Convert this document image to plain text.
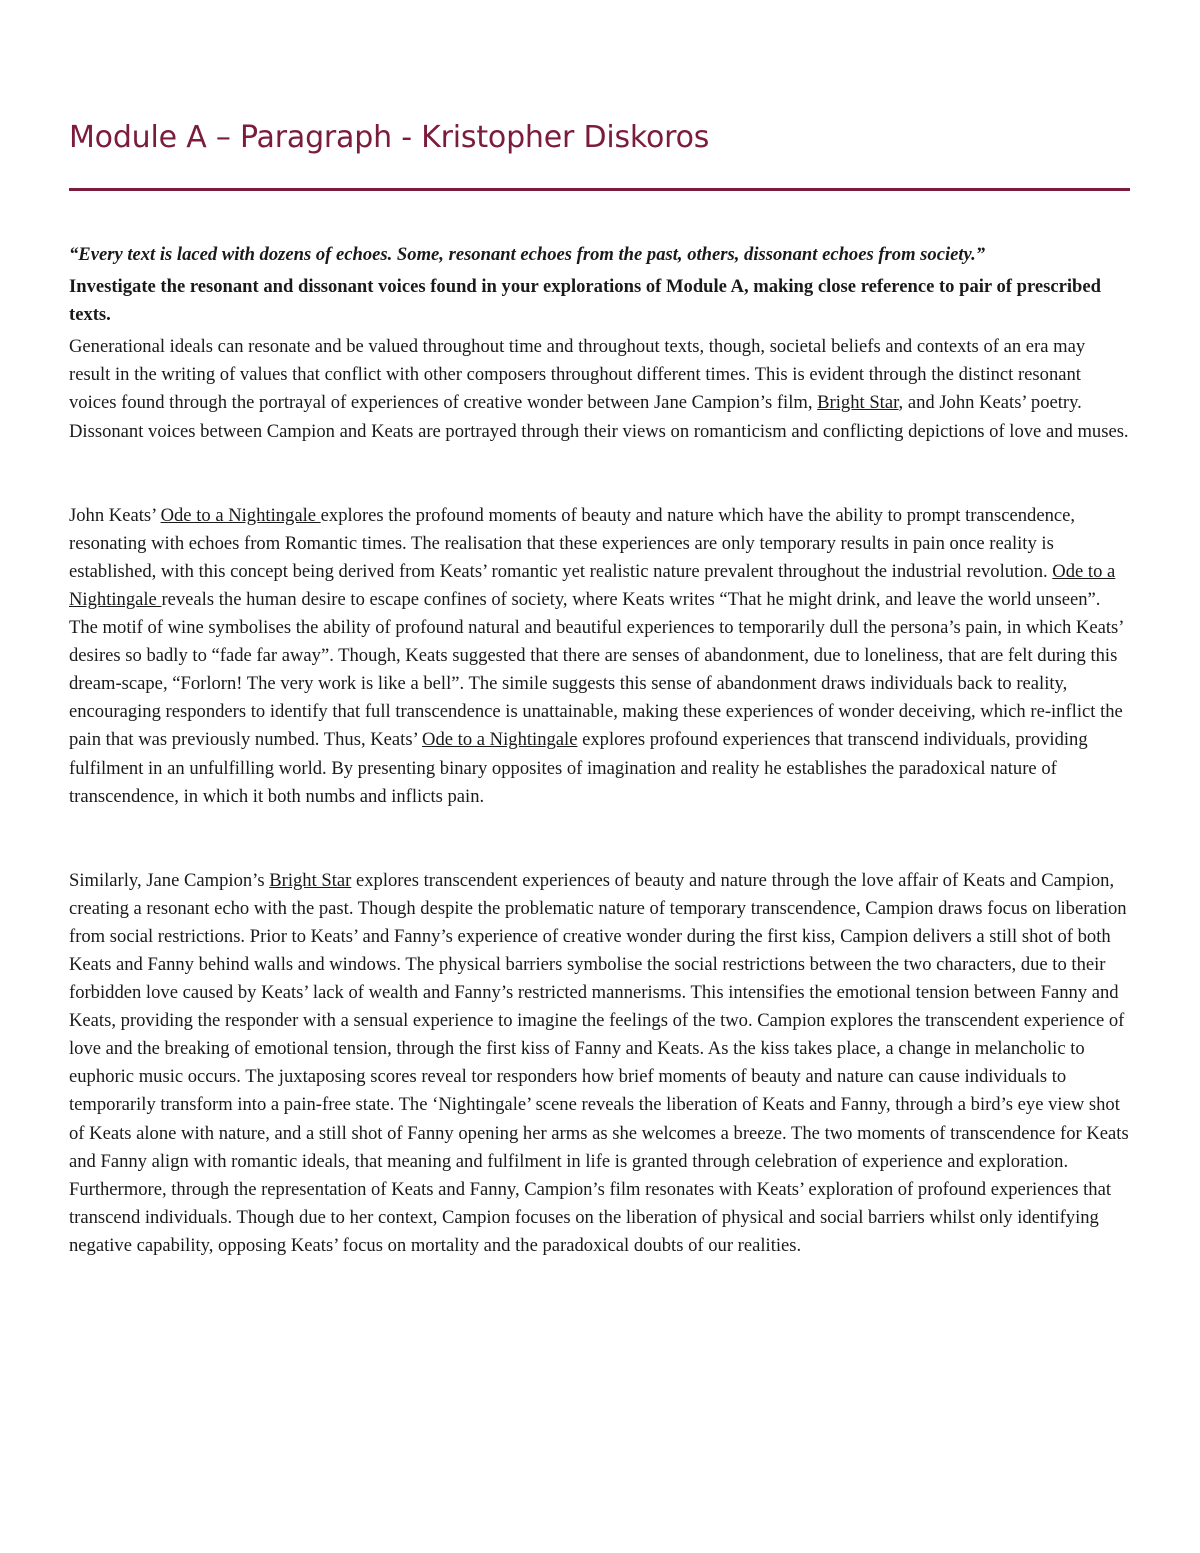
Module A – Paragraph - Kristopher Diskoros

“Every text is laced with dozens of echoes. Some, resonant echoes from the past, others, dissonant echoes from society.”

Investigate the resonant and dissonant voices found in your explorations of Module A, making close reference to pair of prescribed texts.

Generational ideals can resonate and be valued throughout time and throughout texts, though, societal beliefs and contexts of an era may result in the writing of values that conflict with other composers throughout different times. This is evident through the distinct resonant voices found through the portrayal of experiences of creative wonder between Jane Campion’s film, Bright Star, and John Keats’ poetry. Dissonant voices between Campion and Keats are portrayed through their views on romanticism and conflicting depictions of love and muses.

John Keats’ Ode to a Nightingale explores the profound moments of beauty and nature which have the ability to prompt transcendence, resonating with echoes from Romantic times. The realisation that these experiences are only temporary results in pain once reality is established, with this concept being derived from Keats’ romantic yet realistic nature prevalent throughout the industrial revolution. Ode to a Nightingale reveals the human desire to escape confines of society, where Keats writes “That he might drink, and leave the world unseen”. The motif of wine symbolises the ability of profound natural and beautiful experiences to temporarily dull the persona’s pain, in which Keats’ desires so badly to “fade far away”. Though, Keats suggested that there are senses of abandonment, due to loneliness, that are felt during this dream-scape, “Forlorn! The very work is like a bell”. The simile suggests this sense of abandonment draws individuals back to reality, encouraging responders to identify that full transcendence is unattainable, making these experiences of wonder deceiving, which re-inflict the pain that was previously numbed. Thus, Keats’ Ode to a Nightingale explores profound experiences that transcend individuals, providing fulfilment in an unfulfilling world. By presenting binary opposites of imagination and reality he establishes the paradoxical nature of transcendence, in which it both numbs and inflicts pain.

Similarly, Jane Campion’s Bright Star explores transcendent experiences of beauty and nature through the love affair of Keats and Campion, creating a resonant echo with the past. Though despite the problematic nature of temporary transcendence, Campion draws focus on liberation from social restrictions. Prior to Keats’ and Fanny’s experience of creative wonder during the first kiss, Campion delivers a still shot of both Keats and Fanny behind walls and windows. The physical barriers symbolise the social restrictions between the two characters, due to their forbidden love caused by Keats’ lack of wealth and Fanny’s restricted mannerisms. This intensifies the emotional tension between Fanny and Keats, providing the responder with a sensual experience to imagine the feelings of the two. Campion explores the transcendent experience of love and the breaking of emotional tension, through the first kiss of Fanny and Keats. As the kiss takes place, a change in melancholic to euphoric music occurs. The juxtaposing scores reveal tor responders how brief moments of beauty and nature can cause individuals to temporarily transform into a pain-free state. The ‘Nightingale’ scene reveals the liberation of Keats and Fanny, through a bird’s eye view shot of Keats alone with nature, and a still shot of Fanny opening her arms as she welcomes a breeze. The two moments of transcendence for Keats and Fanny align with romantic ideals, that meaning and fulfilment in life is granted through celebration of experience and exploration. Furthermore, through the representation of Keats and Fanny, Campion’s film resonates with Keats’ exploration of profound experiences that transcend individuals. Though due to her context, Campion focuses on the liberation of physical and social barriers whilst only identifying negative capability, opposing Keats’ focus on mortality and the paradoxical doubts of our realities.
